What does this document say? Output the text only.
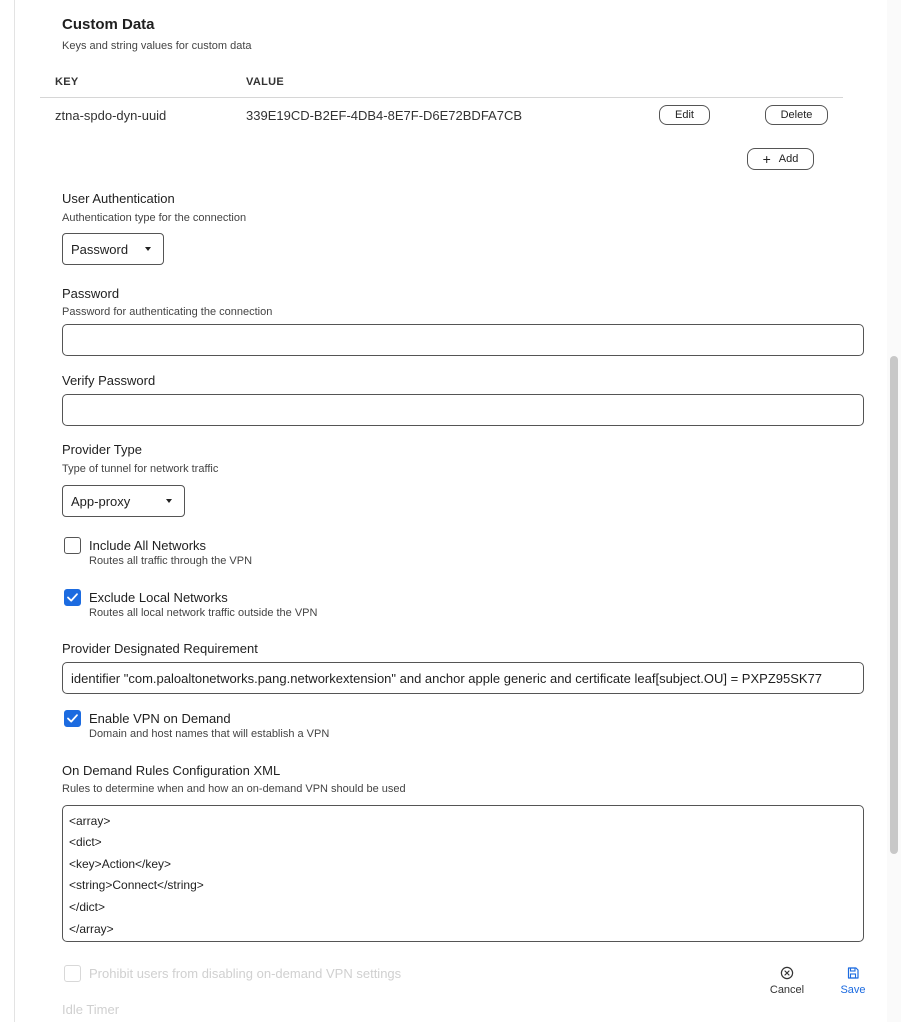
Custom Data
Keys and string values for custom data
KEY	VALUE
ztna-spdo-dyn-uuid	339E19CD-B2EF-4DB4-8E7F-D6E72BDFA7CB	Edit	Delete
+ Add
User Authentication
Authentication type for the connection
Password
Password
Password for authenticating the connection
Verify Password
Provider Type
Type of tunnel for network traffic
App-proxy
Include All Networks
Routes all traffic through the VPN
Exclude Local Networks
Routes all local network traffic outside the VPN
Provider Designated Requirement
identifier "com.paloaltonetworks.pang.networkextension" and anchor apple generic and certificate leaf[subject.OU] = PXPZ95SK77
Enable VPN on Demand
Domain and host names that will establish a VPN
On Demand Rules Configuration XML
Rules to determine when and how an on-demand VPN should be used
<array>
<dict>
<key>Action</key>
<string>Connect</string>
</dict>
</array>
Prohibit users from disabling on-demand VPN settings
Idle Timer
Cancel	Save
